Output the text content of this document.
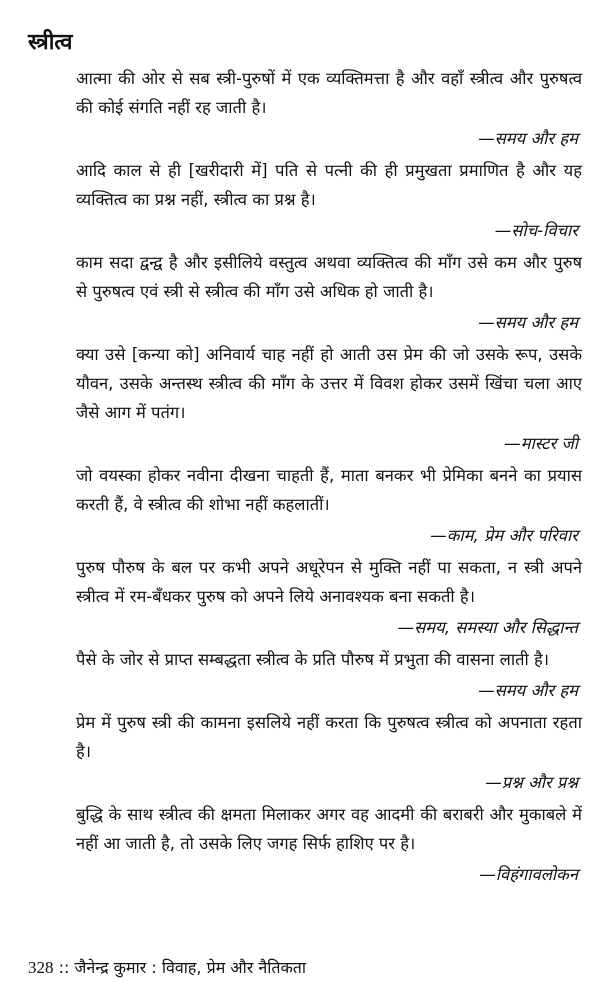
स्त्रीत्व

आत्मा की ओर से सब स्त्री-पुरुषों में एक व्यक्तिमत्ता है और वहाँ स्त्रीत्व और पुरुषत्व की कोई संगति नहीं रह जाती है।

—समय और हम

आदि काल से ही [खरीदारी में] पति से पत्नी की ही प्रमुखता प्रमाणित है और यह व्यक्तित्व का प्रश्न नहीं, स्त्रीत्व का प्रश्न है।

—सोच-विचार

काम सदा द्वन्द्व है और इसीलिये वस्तुत्व अथवा व्यक्तित्व की माँग उसे कम और पुरुष से पुरुषत्व एवं स्त्री से स्त्रीत्व की माँग उसे अधिक हो जाती है।

—समय और हम

क्या उसे [कन्या को] अनिवार्य चाह नहीं हो आती उस प्रेम की जो उसके रूप, उसके यौवन, उसके अन्तस्थ स्त्रीत्व की माँग के उत्तर में विवश होकर उसमें खिंचा चला आए जैसे आग में पतंग।

—मास्टर जी

जो वयस्का होकर नवीना दीखना चाहती हैं, माता बनकर भी प्रेमिका बनने का प्रयास करती हैं, वे स्त्रीत्व की शोभा नहीं कहलातीं।

—काम, प्रेम और परिवार

पुरुष पौरुष के बल पर कभी अपने अधूरेपन से मुक्ति नहीं पा सकता, न स्त्री अपने स्त्रीत्व में रम-बँधकर पुरुष को अपने लिये अनावश्यक बना सकती है।

—समय, समस्या और सिद्धान्त

पैसे के जोर से प्राप्त सम्बद्धता स्त्रीत्व के प्रति पौरुष में प्रभुता की वासना लाती है।

—समय और हम

प्रेम में पुरुष स्त्री की कामना इसलिये नहीं करता कि पुरुषत्व स्त्रीत्व को अपनाता रहता है।

—प्रश्न और प्रश्न

बुद्धि के साथ स्त्रीत्व की क्षमता मिलाकर अगर वह आदमी की बराबरी और मुकाबले में नहीं आ जाती है, तो उसके लिए जगह सिर्फ हाशिए पर है।

—विहंगावलोकन

328 :: जैनेन्द्र कुमार : विवाह, प्रेम और नैतिकता
